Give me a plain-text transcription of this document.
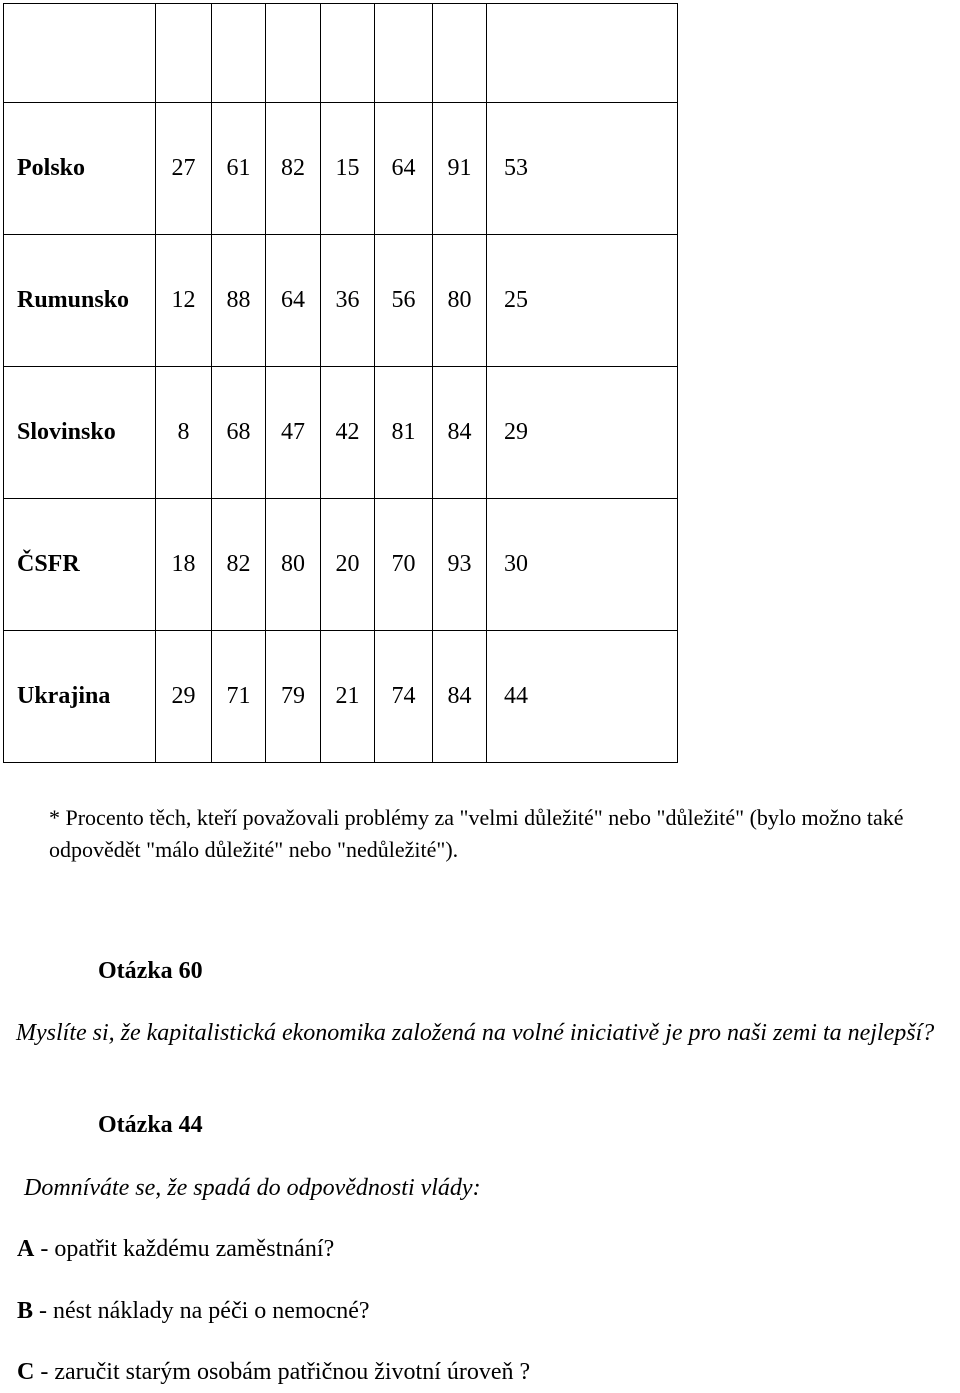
Polsko	27	61	82	15	64	91	53
Rumunsko	12	88	64	36	56	80	25
Slovinsko	8	68	47	42	81	84	29
ČSFR	18	82	80	20	70	93	30
Ukrajina	29	71	79	21	74	84	44
* Procento těch, kteří považovali problémy za "velmi důležité" nebo "důležité" (bylo možno také odpovědět "málo důležité" nebo "nedůležité").
Otázka 60
Myslíte si, že kapitalistická ekonomika založená na volné iniciativě je pro naši zemi ta nejlepší?
Otázka 44
Domníváte se, že spadá do odpovědnosti vlády:
A - opatřit každému zaměstnání?
B - nést náklady na péči o nemocné?
C - zaručit starým osobám patřičnou životní úroveň ?
